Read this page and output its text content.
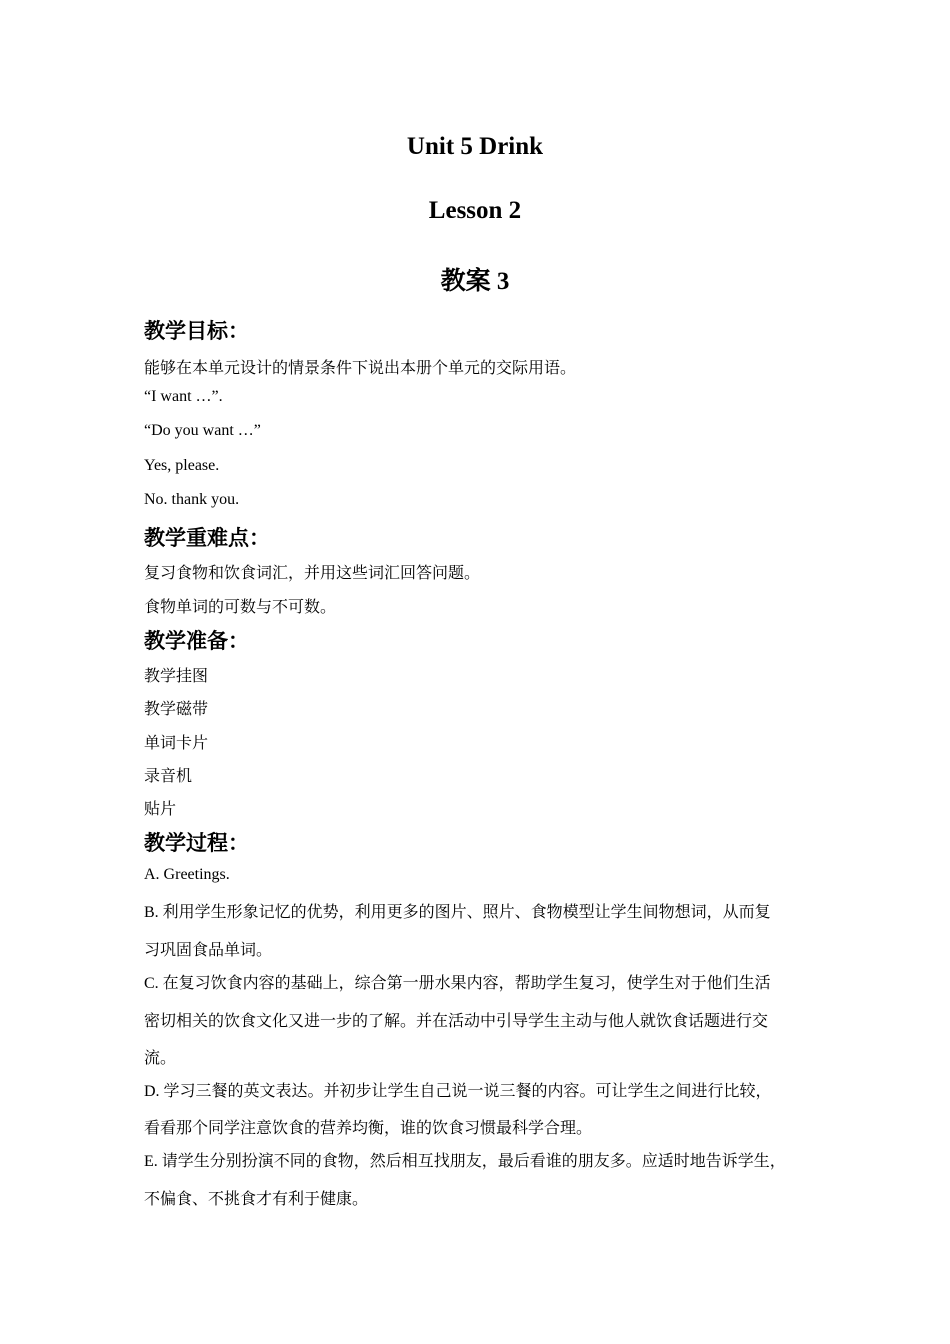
Unit 5 Drink
Lesson 2
教案 3
教学目标：
能够在本单元设计的情景条件下说出本册个单元的交际用语。
“I want …”.
“Do you want …”
Yes, please.
No. thank you.
教学重难点：
复习食物和饮食词汇，并用这些词汇回答问题。
食物单词的可数与不可数。
教学准备：
教学挂图
教学磁带
单词卡片
录音机
贴片
教学过程：
A. Greetings.
B. 利用学生形象记忆的优势，利用更多的图片、照片、食物模型让学生间物想词，从而复
习巩固食品单词。
C. 在复习饮食内容的基础上，综合第一册水果内容，帮助学生复习，使学生对于他们生活
密切相关的饮食文化又进一步的了解。并在活动中引导学生主动与他人就饮食话题进行交
流。
D. 学习三餐的英文表达。并初步让学生自己说一说三餐的内容。可让学生之间进行比较，
看看那个同学注意饮食的营养均衡，谁的饮食习惯最科学合理。
E. 请学生分别扮演不同的食物，然后相互找朋友，最后看谁的朋友多。应适时地告诉学生，
不偏食、不挑食才有利于健康。
